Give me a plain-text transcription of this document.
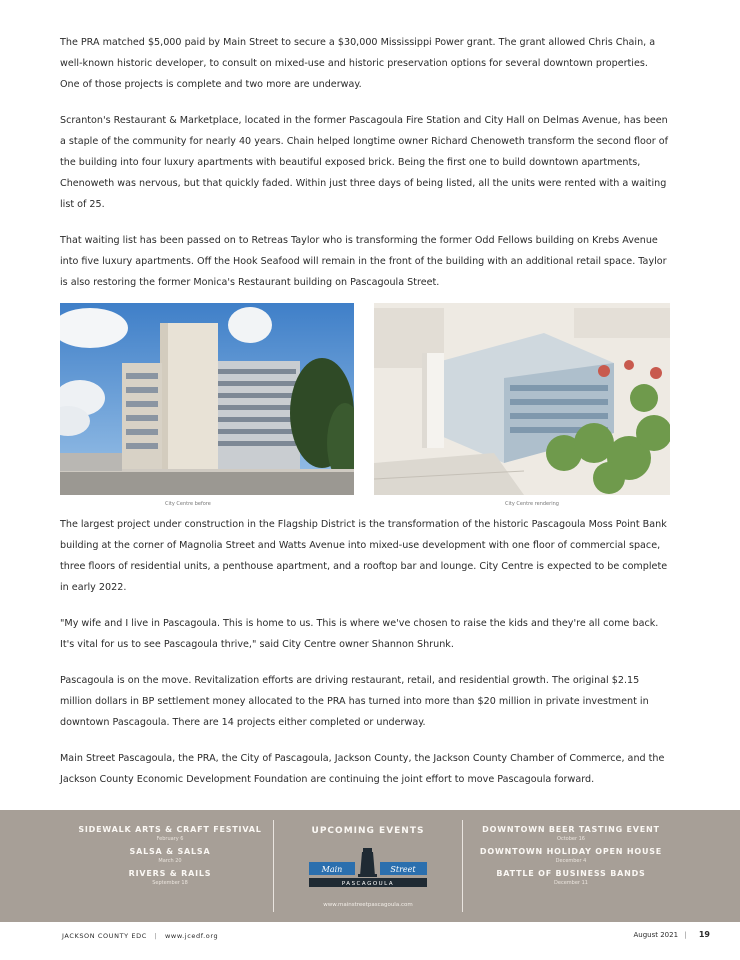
The PRA matched $5,000 paid by Main Street to secure a $30,000 Mississippi Power grant. The grant allowed Chris Chain, a well-known historic developer, to consult on mixed-use and historic preservation options for several downtown properties. One of those projects is complete and two more are underway.

Scranton's Restaurant & Marketplace, located in the former Pascagoula Fire Station and City Hall on Delmas Avenue, has been a staple of the community for nearly 40 years. Chain helped longtime owner Richard Chenoweth transform the second floor of the building into four luxury apartments with beautiful exposed brick. Being the first one to build downtown apartments, Chenoweth was nervous, but that quickly faded. Within just three days of being listed, all the units were rented with a waiting list of 25.

That waiting list has been passed on to Retreas Taylor who is transforming the former Odd Fellows building on Krebs Avenue into five luxury apartments. Off the Hook Seafood will remain in the front of the building with an additional retail space. Taylor is also restoring the former Monica's Restaurant building on Pascagoula Street.

City Centre before	City Centre rendering

The largest project under construction in the Flagship District is the transformation of the historic Pascagoula Moss Point Bank building at the corner of Magnolia Street and Watts Avenue into mixed-use development with one floor of commercial space, three floors of residential units, a penthouse apartment, and a rooftop bar and lounge. City Centre is expected to be complete in early 2022.

"My wife and I live in Pascagoula. This is home to us. This is where we've chosen to raise the kids and they're all come back. It's vital for us to see Pascagoula thrive," said City Centre owner Shannon Shrunk.

Pascagoula is on the move. Revitalization efforts are driving restaurant, retail, and residential growth. The original $2.15 million dollars in BP settlement money allocated to the PRA has turned into more than $20 million in private investment in downtown Pascagoula. There are 14 projects either completed or underway.

Main Street Pascagoula, the PRA, the City of Pascagoula, Jackson County, the Jackson County Chamber of Commerce, and the Jackson County Economic Development Foundation are continuing the joint effort to move Pascagoula forward.

SIDEWALK ARTS & CRAFT FESTIVAL
February 6
SALSA & SALSA
March 20
RIVERS & RAILS
September 18
UPCOMING EVENTS
Main	Street
PASCAGOULA
www.mainstreetpascagoula.com
DOWNTOWN BEER TASTING EVENT
October 16
DOWNTOWN HOLIDAY OPEN HOUSE
December 4
BATTLE OF BUSINESS BANDS
December 11
JACKSON COUNTY EDC | www.jcedf.org	August 2021 | 19
